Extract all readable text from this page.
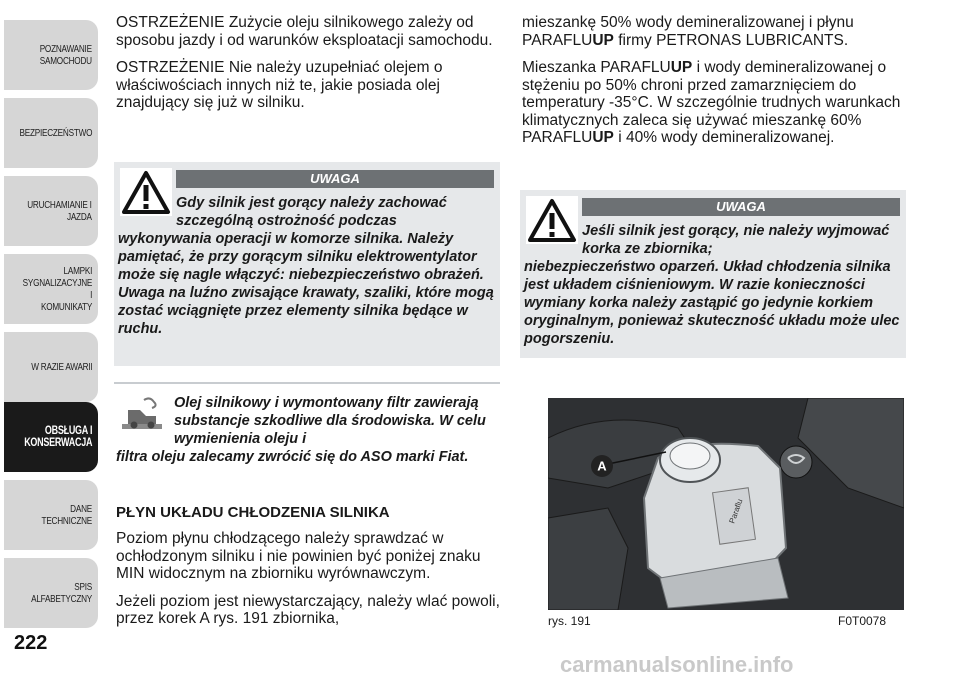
POZNAWANIE
SAMOCHODU
BEZPIECZEŃSTWO
URUCHAMIANIE I
JAZDA
LAMPKI
SYGNALIZACYJNE I
KOMUNIKATY
W RAZIE AWARII
OBSŁUGA I
KONSERWACJA
DANE TECHNICZNE
SPIS ALFABETYCZNY
222

OSTRZEŻENIE Zużycie oleju silnikowego zależy od sposobu jazdy i od warunków eksploatacji samochodu.

OSTRZEŻENIE Nie należy uzupełniać olejem o właściwościach innych niż te, jakie posiada olej znajdujący się już w silniku.

UWAGA
Gdy silnik jest gorący należy zachować szczególną ostrożność podczas
wykonywania operacji w komorze silnika. Należy pamiętać, że przy gorącym silniku elektrowentylator może się nagle włączyć: niebezpieczeństwo obrażeń. Uwaga na luźno zwisające krawaty, szaliki, które mogą zostać wciągnięte przez elementy silnika będące w ruchu.
Olej silnikowy i wymontowany filtr zawierają substancje szkodliwe dla środowiska. W celu wymienienia oleju i
filtra oleju zalecamy zwrócić się do ASO marki Fiat.
PŁYN UKŁADU CHŁODZENIA SILNIKA

Poziom płynu chłodzącego należy sprawdzać w ochłodzonym silniku i nie powinien być poniżej znaku MIN widocznym na zbiorniku wyrównawczym.

Jeżeli poziom jest niewystarczający, należy wlać powoli, przez korek A rys. 191 zbiornika,

mieszankę 50% wody demineralizowanej i płynu PARAFLUUP firmy PETRONAS LUBRICANTS.

Mieszanka PARAFLUUP i wody demineralizowanej o stężeniu po 50% chroni przed zamarznięciem do temperatury -35°C. W szczególnie trudnych warunkach klimatycznych zaleca się używać mieszankę 60% PARAFLUUP i 40% wody demineralizowanej.

UWAGA
Jeśli silnik jest gorący, nie należy wyjmować korka ze zbiornika;
niebezpieczeństwo oparzeń. Układ chłodzenia silnika jest układem ciśnieniowym. W razie konieczności wymiany korka należy zastąpić go jedynie korkiem oryginalnym, ponieważ skuteczność układu może ulec pogorszeniu.
Paraflu
A
rys. 191	F0T0078
carmanualsonline.info
